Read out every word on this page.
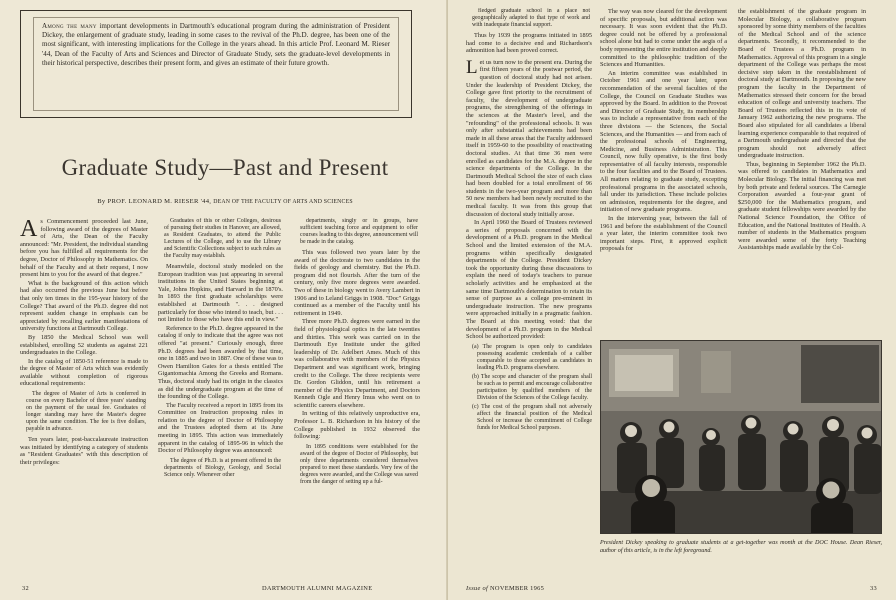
Among the many important developments in Dartmouth's educational program during the administration of President Dickey, the enlargement of graduate study, leading in some cases to the revival of the Ph.D. degree, has been one of the most significant, with interesting implications for the College in the years ahead. In this article Prof. Leonard M. Rieser '44, Dean of the Faculty of Arts and Sciences and Director of Graduate Study, sets the graduate-level developments in their historical perspective, describes their present form, and gives an estimate of their future growth.
Graduate Study—Past and Present
By PROF. LEONARD M. RIESER '44, DEAN OF THE FACULTY OF ARTS AND SCIENCES

As Commencement proceeded last June, following award of the degrees of Master of Arts, the Dean of the Faculty announced: "Mr. President, the individual standing before you has fulfilled all requirements for the degree, Doctor of Philosophy in Mathematics. On behalf of the Faculty and at their request, I now present him to you for the award of that degree."

What is the background of this action which had also occurred the previous June but before that only ten times in the 195-year history of the College? That award of the Ph.D. degree did not represent sudden change in emphasis can be appreciated by recalling earlier manifestations of university functions at Dartmouth College.

By 1850 the Medical School was well established, enrolling 52 students as against 221 undergraduates in the College.

In the catalog of 1850-51 reference is made to the degree of Master of Arts which was evidently available without completion of rigorous educational requirements:

The degree of Master of Arts is conferred in course on every Bachelor of three years' standing on the payment of the usual fee. Graduates of longer standing may have the Master's degree upon the same condition. The fee is five dollars, payable in advance.

Ten years later, post-baccalaureate instruction was initiated by identifying a category of students as "Resident Graduates" with this description of their privileges:

Graduates of this or other Colleges, desirous of pursuing their studies in Hanover, are allowed, as Resident Graduates, to attend the Public Lectures of the College, and to use the Library and Scientific Collections subject to such rules as the Faculty may establish.

Meanwhile, doctoral study modeled on the European tradition was just appearing in several institutions in the United States beginning at Yale, Johns Hopkins, and Harvard in the 1870's. In 1893 the first graduate scholarships were established at Dartmouth ". . . designed particularly for those who intend to teach, but . . . not limited to those who have this end in view."

Reference to the Ph.D. degree appeared in the catalog if only to indicate that the agree was not offered "at present." Curiously enough, three Ph.D. degrees had been awarded by that time, one in 1885 and two in 1887. One of these was to Owen Hamilton Gates for a thesis entitled The Gigantomachia Among the Greeks and Romans. Thus, doctoral study had its origin in the classics as did the undergraduate program at the time of the founding of the College.

The Faculty received a report in 1895 from its Committee on Instruction proposing rules in relation to the degree of Doctor of Philosophy and the Trustees adopted them at its June meeting in 1895. This action was immediately apparent in the catalog of 1895-96 in which the Doctor of Philosophy degree was announced:

The degree of Ph.D. is at present offered in the departments of Biology, Geology, and Social Science only. Whenever other

departments, singly or in groups, have sufficient teaching force and equipment to offer courses leading to this degree, announcement will be made in the catalog.

This was followed two years later by the award of the doctorate to two candidates in the fields of geology and chemistry. But the Ph.D. program did not flourish. After the turn of the century, only five more degrees were awarded. Two of these in biology went to Avery Lambert in 1906 and to Leland Griggs in 1908. "Doc" Griggs continued as a member of the Faculty until his retirement in 1949.

Three more Ph.D. degrees were earned in the field of physiological optics in the late twenties and thirties. This work was carried on in the Dartmouth Eye Institute under the gifted leadership of Dr. Adelbert Ames. Much of this was collaborative with members of the Physics Department and was significant work, bringing credit to the College. The three recipients were Dr. Gordon Gliddon, until his retirement a member of the Physics Department, and Doctors Kenneth Ogle and Henry Imus who went on to scientific careers elsewhere.

In writing of this relatively unproductive era, Professor L. B. Richardson in his history of the College published in 1932 observed the following:

In 1895 conditions were established for the award of the degree of Doctor of Philosophy, but only three departments considered themselves prepared to meet these standards. Very few of the degrees were awarded, and the College was saved from the danger of setting up a ful-

32	DARTMOUTH ALUMNI MAGAZINE

fledged graduate school in a place not geographically adapted to that type of work and with inadequate financial support.

Thus by 1939 the programs initiated in 1895 had come to a decisive end and Richardson's admonition had been proved correct.

Let us turn now to the present era. During the first fifteen years of the postwar period, the question of doctoral study had not arisen. Under the leadership of President Dickey, the College gave first priority to the recruitment of faculty, the development of undergraduate programs, the strengthening of the offerings in the sciences at the Master's level, and the "refounding" of the professional schools. It was only after substantial achievements had been made in all these areas that the Faculty addressed itself in 1959-60 to the possibility of reactivating doctoral studies. At that time 36 men were enrolled as candidates for the M.A. degree in the science departments of the College. In the Dartmouth Medical School the size of each class had been doubled for a total enrollment of 96 students in the two-year program and more than 50 new members had been newly recruited to the medical faculty. It was from this group that discussion of doctoral study initially arose.

In April 1960 the Board of Trustees reviewed a series of proposals concerned with the development of a Ph.D. program in the Medical School and the limited extension of the M.A. programs within specifically designated departments of the College. President Dickey took the opportunity during these discussions to explain the need of today's teachers to pursue scholarly activities and he emphasized at the same time Dartmouth's determination to retain its sense of purpose as a college pre-eminent in undergraduate instruction. The new programs were approached initially in a pragmatic fashion. The Board at this meeting voted: that the development of a Ph.D. program in the Medical School be authorized provided:

(a) The program is open only to candidates possessing academic credentials of a caliber comparable to those accepted as candidates in leading Ph.D. programs elsewhere.

(b) The scope and character of the program shall be such as to permit and encourage collaborative participation by qualified members of the Division of the Sciences of the College faculty.

(c) The cost of the program shall not adversely affect the financial position of the Medical School or increase the commitment of College funds for Medical School purposes.

The way was now cleared for the development of specific proposals, but additional action was necessary. It was soon evident that the Ph.D. degree could not be offered by a professional school alone but had to come under the aegis of a body representing the entire institution and deeply committed to the philosophic tradition of the Sciences and Humanities.

An interim committee was established in October 1961 and one year later, upon recommendation of the several faculties of the College, the Council on Graduate Studies was approved by the Board. In addition to the Provost and Director of Graduate Study, its membership was to include a representative from each of the three divisions — the Sciences, the Social Sciences, and the Humanities — and from each of the professional schools of Engineering, Medicine, and Business Administration. This Council, now fully operative, is the first body representative of all faculty interests, responsible to the four faculties and to the Board of Trustees. All matters relating to graduate study, excepting professional programs in the associated schools, fall under its jurisdiction. These include policies on admission, requirements for the degree, and initiation of new graduate programs.

In the intervening year, between the fall of 1961 and before the establishment of the Council a year later, the interim committee took two important steps. First, it approved explicit proposals for

the establishment of the graduate program in Molecular Biology, a collaborative program sponsored by some thirty members of the faculties of the Medical School and of the science departments. Secondly, it recommended to the Board of Trustees a Ph.D. program in Mathematics. Approval of this program in a single department of the College was perhaps the most decisive step taken in the reestablishment of doctoral study at Dartmouth. In proposing the new program the faculty in the Department of Mathematics stressed their concern for the broad education of college and university teachers. The Board of Trustees reflected this in its vote of January 1962 authorizing the new programs. The Board also stipulated for all candidates a liberal learning experience comparable to that required of a Dartmouth undergraduate and directed that the program should not adversely affect undergraduate instruction.

Thus, beginning in September 1962 the Ph.D. was offered to candidates in Mathematics and Molecular Biology. The initial financing was met by both private and federal sources. The Carnegie Corporation awarded a four-year grant of $250,000 for the Mathematics program, and graduate student fellowships were awarded by the National Science Foundation, the Office of Education, and the National Institutes of Health. A number of students in the Mathematics program were awarded some of the forty Teaching Assistantships made available by the Col-

Issue of NOVEMBER 1965	33
President Dickey speaking to graduate students at a get-together was month at the DOC House. Dean Rieser, author of this article, is in the left foreground.
